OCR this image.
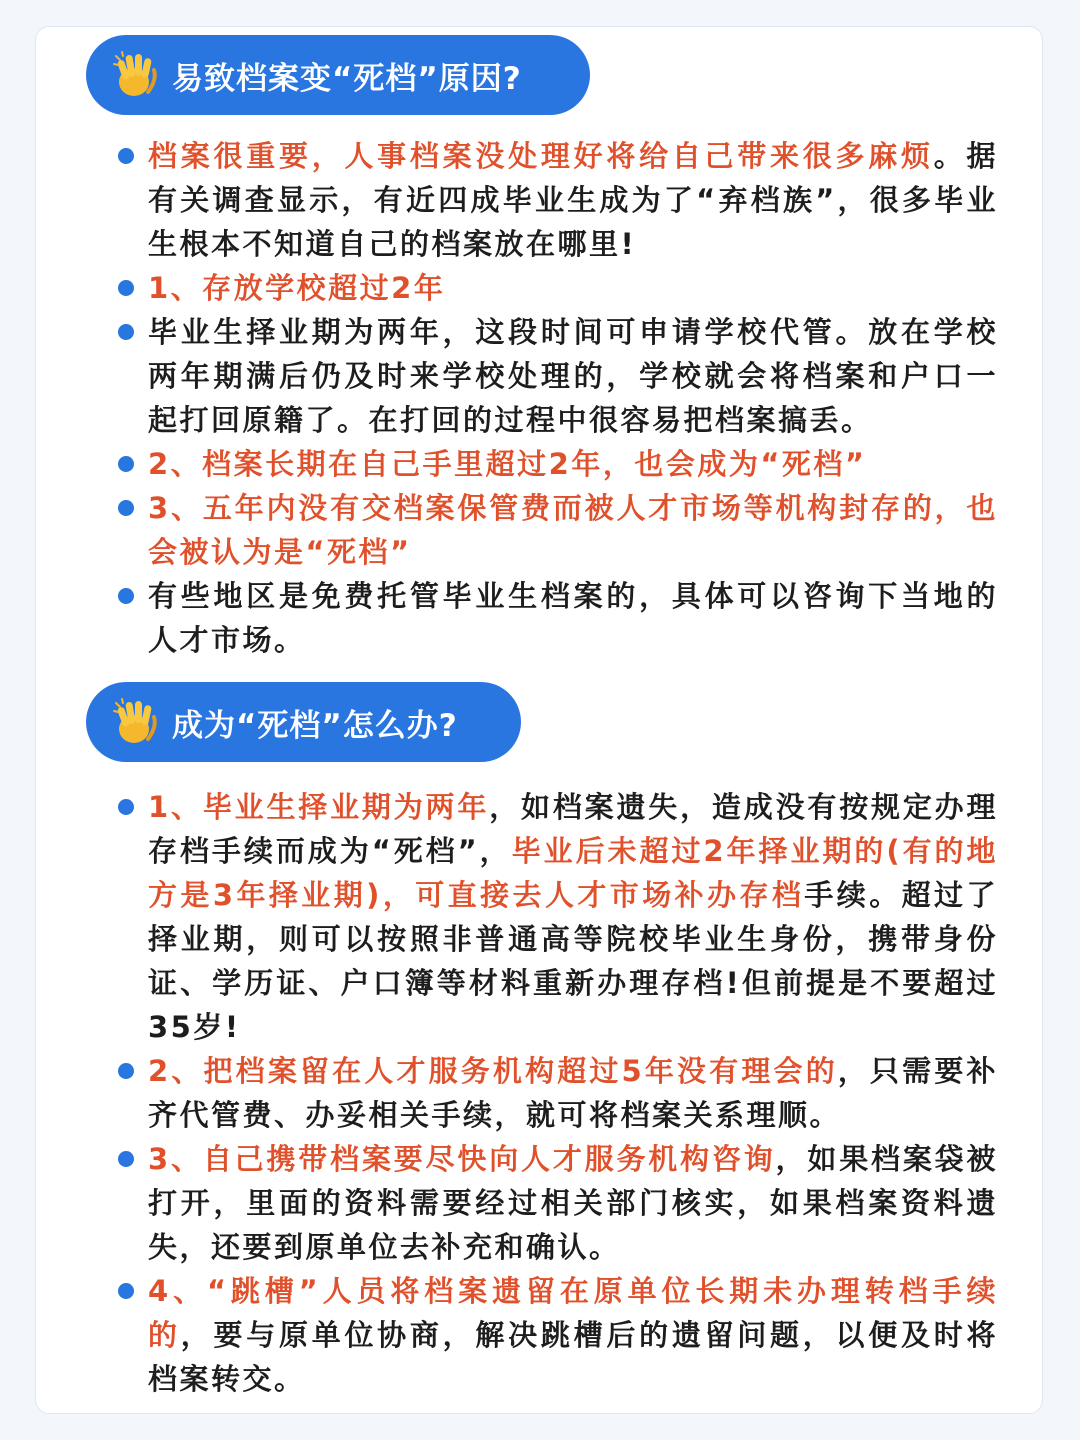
易致档案变“死档”原因?
档案很重要，人事档案没处理好将给自己带来很多麻烦。据有关调查显示，有近四成毕业生成为了“弃档族”，很多毕业生根本不知道自己的档案放在哪里!
1、存放学校超过2年
毕业生择业期为两年，这段时间可申请学校代管。放在学校两年期满后仍及时来学校处理的，学校就会将档案和户口一起打回原籍了。在打回的过程中很容易把档案搞丢。
2、档案长期在自己手里超过2年，也会成为“死档”
3、五年内没有交档案保管费而被人才市场等机构封存的，也会被认为是“死档”
有些地区是免费托管毕业生档案的，具体可以咨询下当地的人才市场。
成为“死档”怎么办?
1、毕业生择业期为两年，如档案遗失，造成没有按规定办理存档手续而成为“死档”，毕业后未超过2年择业期的(有的地方是3年择业期)，可直接去人才市场补办存档手续。超过了择业期，则可以按照非普通高等院校毕业生身份，携带身份证、学历证、户口簿等材料重新办理存档!但前提是不要超过35岁!
2、把档案留在人才服务机构超过5年没有理会的，只需要补齐代管费、办妥相关手续，就可将档案关系理顺。
3、自己携带档案要尽快向人才服务机构咨询，如果档案袋被打开，里面的资料需要经过相关部门核实，如果档案资料遗失，还要到原单位去补充和确认。
4、“跳槽”人员将档案遗留在原单位长期未办理转档手续的，要与原单位协商，解决跳槽后的遗留问题，以便及时将档案转交。
